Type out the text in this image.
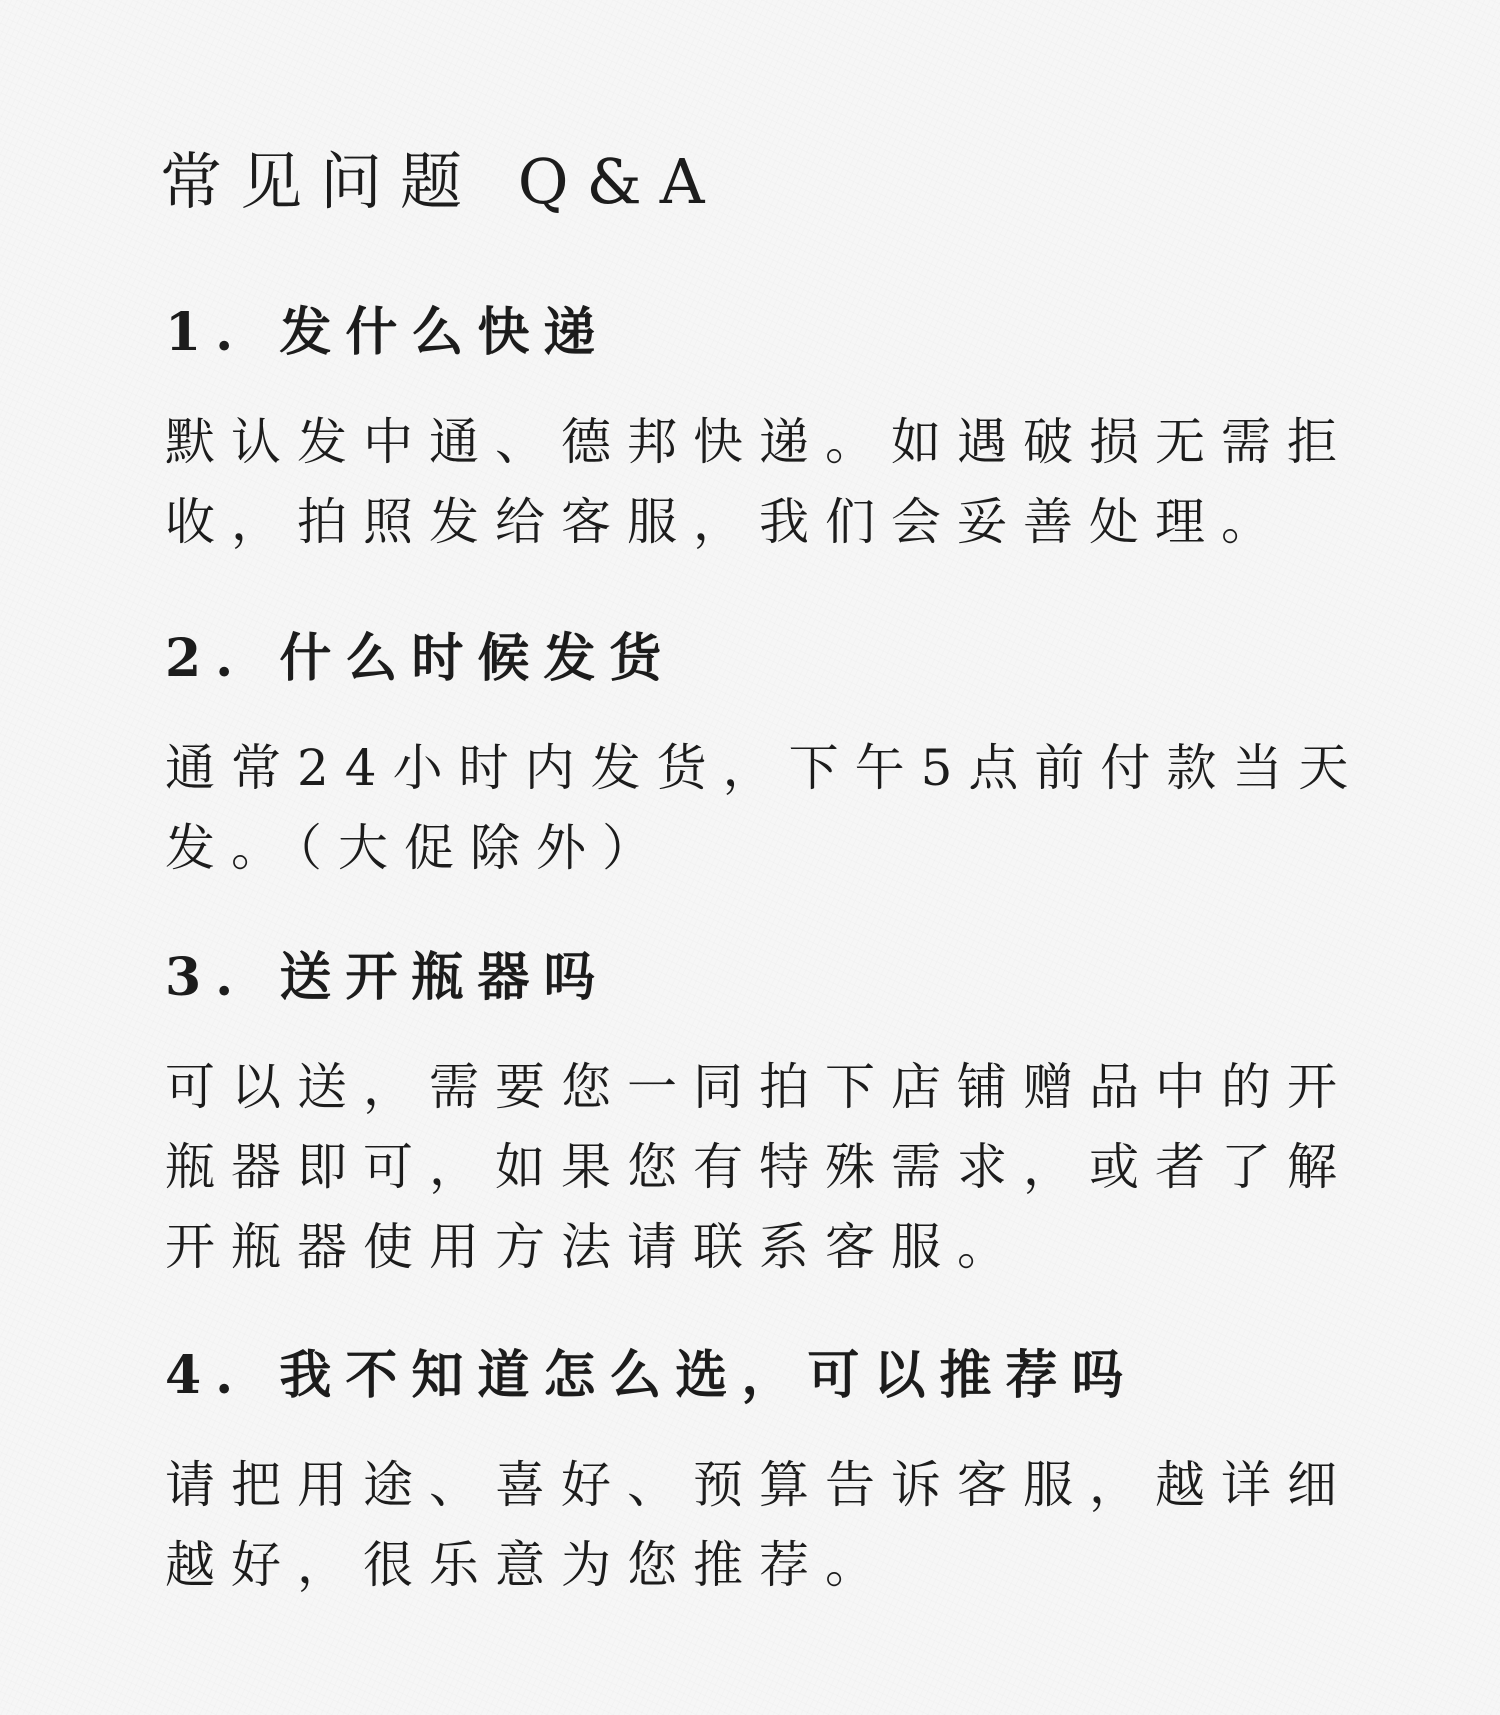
常见问题 Q&A
1. 发什么快递

默认发中通、德邦快递。如遇破损无需拒
收，拍照发给客服，我们会妥善处理。

2. 什么时候发货

通常24小时内发货，下午5点前付款当天
发。（大促除外）

3. 送开瓶器吗

可以送，需要您一同拍下店铺赠品中的开
瓶器即可，如果您有特殊需求，或者了解
开瓶器使用方法请联系客服。

4. 我不知道怎么选，可以推荐吗

请把用途、喜好、预算告诉客服，越详细
越好，很乐意为您推荐。
